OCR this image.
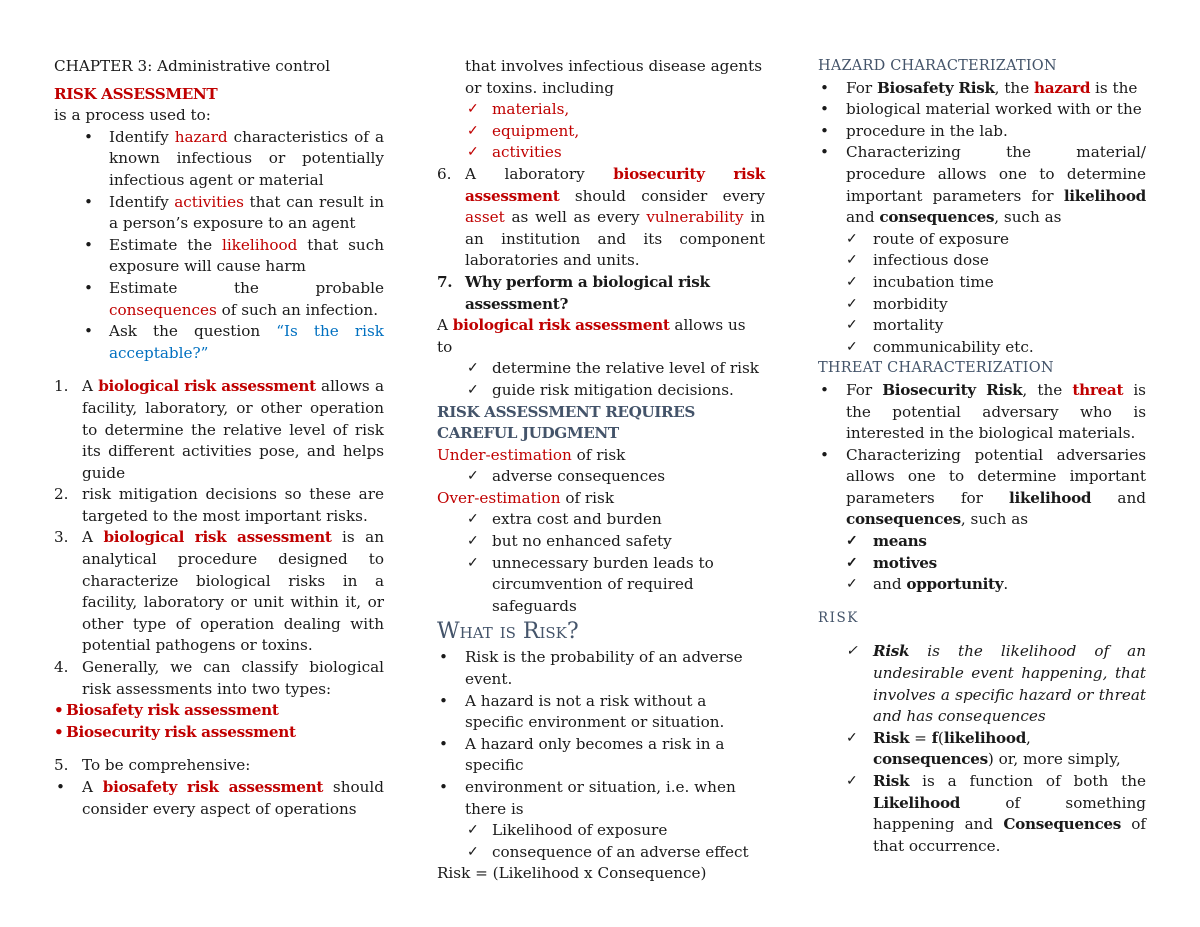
CHAPTER 3: Administrative control

RISK ASSESSMENT

is a process used to:

• Identify hazard characteristics of a known infectious or potentially infectious agent or material

• Identify activities that can result in a person’s exposure to an agent

• Estimate the likelihood that such exposure will cause harm

• Estimate the probable consequences of such an infection.

• Ask the question “Is the risk acceptable?”

1. A biological risk assessment allows a facility, laboratory, or other operation to determine the relative level of risk its different activities pose, and helps guide

2. risk mitigation decisions so these are targeted to the most important risks.

3. A biological risk assessment is an analytical procedure designed to characterize biological risks in a facility, laboratory or unit within it, or other type of operation dealing with potential pathogens or toxins.

4. Generally, we can classify biological risk assessments into two types:

• Biosafety risk assessment

• Biosecurity risk assessment

5. To be comprehensive:

• A biosafety risk assessment should consider every aspect of operations

that involves infectious disease agents or toxins. including

✓ materials,

✓ equipment,

✓ activities

6. A laboratory biosecurity risk assessment should consider every asset as well as every vulnerability in an institution and its component laboratories and units.

7. Why perform a biological risk assessment?

A biological risk assessment allows us to

✓ determine the relative level of risk

✓ guide risk mitigation decisions.

RISK ASSESSMENT REQUIRES CAREFUL JUDGMENT

Under-estimation of risk

✓ adverse consequences

Over-estimation of risk

✓ extra cost and burden

✓ but no enhanced safety

✓ unnecessary burden leads to circumvention of required safeguards

What is Risk?

• Risk is the probability of an adverse event.

• A hazard is not a risk without a specific environment or situation.

• A hazard only becomes a risk in a specific

• environment or situation, i.e. when there is

✓ Likelihood of exposure

✓ consequence of an adverse effect

Risk = (Likelihood x Consequence)

HAZARD CHARACTERIZATION

• For Biosafety Risk, the hazard is the

• biological material worked with or the

• procedure in the lab.

• Characterizing the material/ procedure allows one to determine important parameters for likelihood and consequences, such as

✓ route of exposure

✓ infectious dose

✓ incubation time

✓ morbidity

✓ mortality

✓ communicability etc.

THREAT CHARACTERIZATION

• For Biosecurity Risk, the threat is the potential adversary who is interested in the biological materials.

• Characterizing potential adversaries allows one to determine important parameters for likelihood and consequences, such as

✓ means

✓ motives

✓ and opportunity.

RISK

✓ Risk is the likelihood of an undesirable event happening, that involves a specific hazard or threat and has consequences

✓ Risk = f(likelihood, consequences) or, more simply,

✓ Risk is a function of both the Likelihood of something happening and Consequences of that occurrence.
